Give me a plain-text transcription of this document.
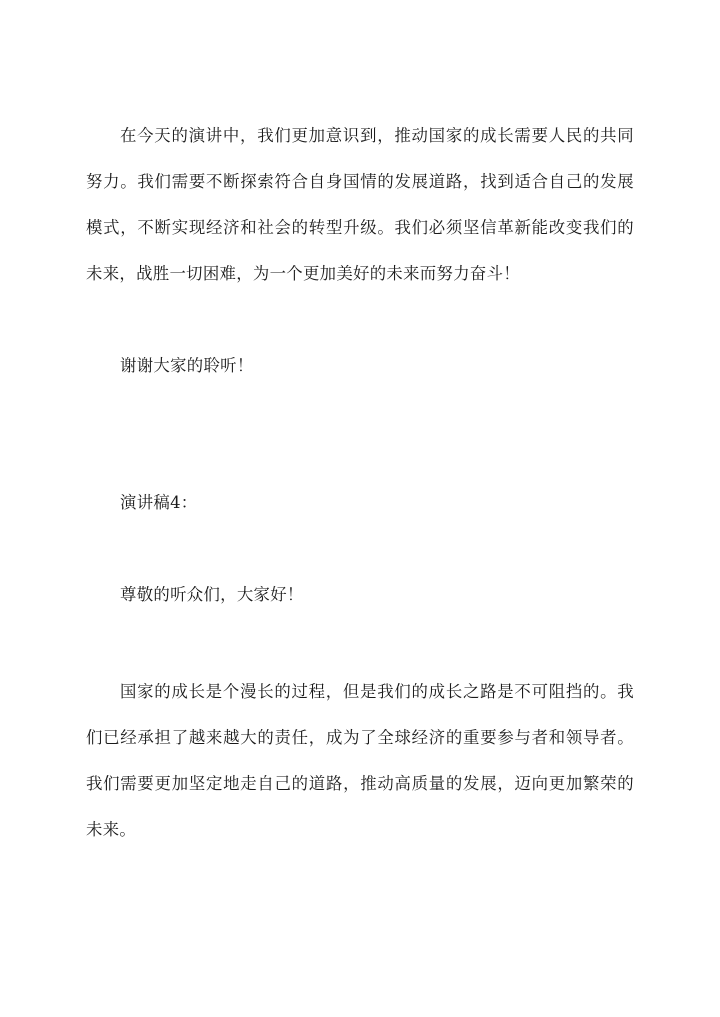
在今天的演讲中，我们更加意识到，推动国家的成长需要人民的共同努力。我们需要不断探索符合自身国情的发展道路，找到适合自己的发展模式，不断实现经济和社会的转型升级。我们必须坚信革新能改变我们的未来，战胜一切困难，为一个更加美好的未来而努力奋斗！

谢谢大家的聆听！

演讲稿4：

尊敬的听众们，大家好！

国家的成长是个漫长的过程，但是我们的成长之路是不可阻挡的。我们已经承担了越来越大的责任，成为了全球经济的重要参与者和领导者。我们需要更加坚定地走自己的道路，推动高质量的发展，迈向更加繁荣的未来。
